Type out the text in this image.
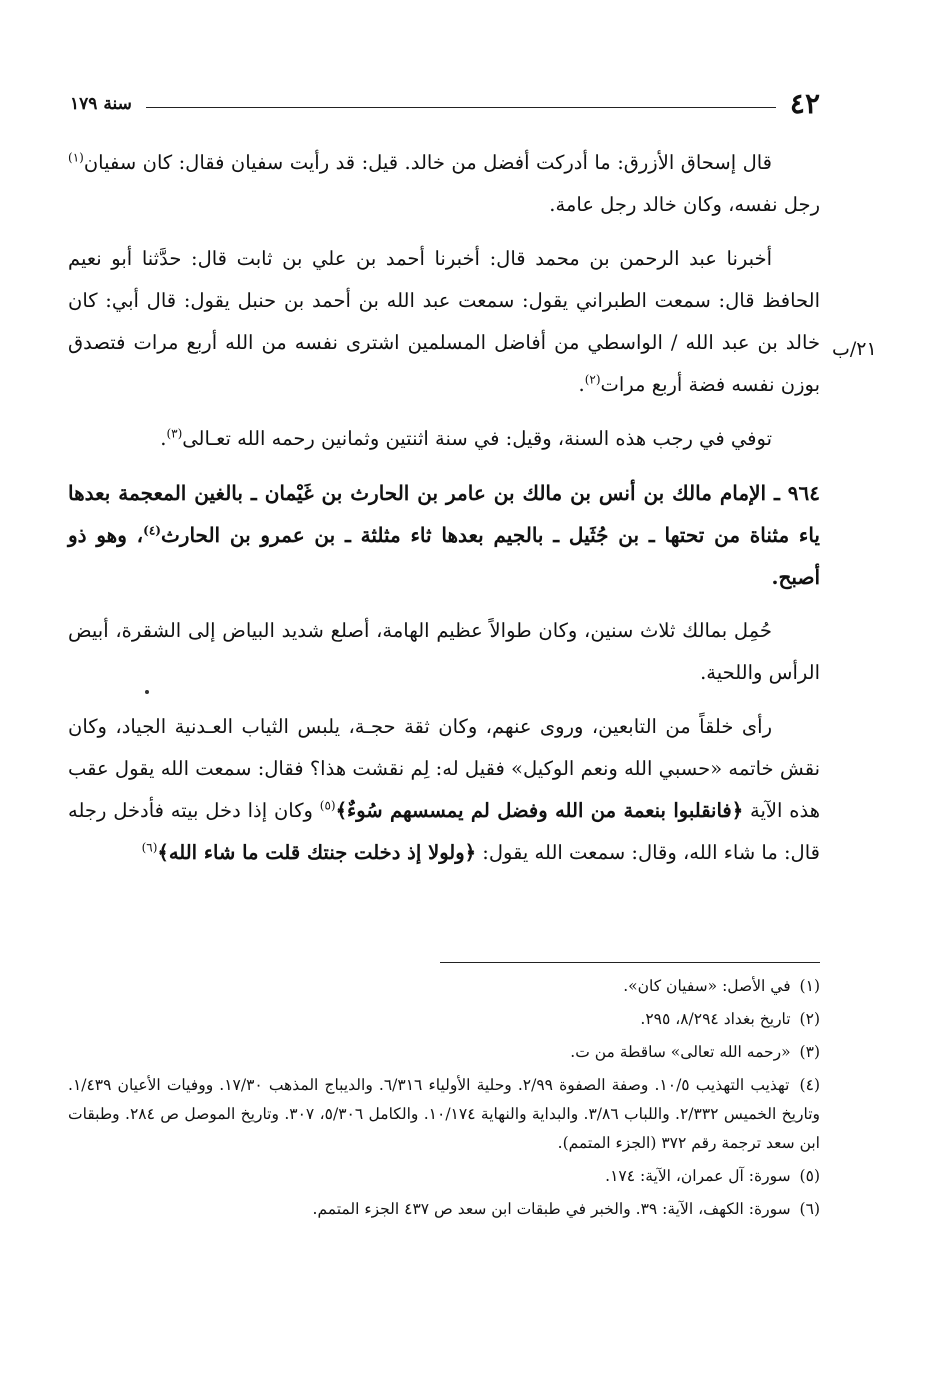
٤٢
سنة ١٧٩
٢١/ب

قال إسحاق الأزرق: ما أدركت أفضل من خالد. قيل: قد رأيت سفيان فقال: كان سفيان$^{(١)}$ رجل نفسه، وكان خالد رجل عامة.

أخبرنا عبد الرحمن بن محمد قال: أخبرنا أحمد بن علي بن ثابت قال: حدَّثنا أبو نعيم الحافظ قال: سمعت الطبراني يقول: سمعت عبد الله بن أحمد بن حنبل يقول: قال أبي: كان خالد بن عبد الله / الواسطي من أفاضل المسلمين اشترى نفسه من الله أربع مرات فتصدق بوزن نفسه فضة أربع مرات$^{(٢)}$.

توفي في رجب هذه السنة، وقيل: في سنة اثنتين وثمانين رحمه الله تعـالى$^{(٣)}$.

٩٦٤ ـ الإمام مالك بن أنس بن مالك بن عامر بن الحارث بن غَيْمان ـ بالغين المعجمة بعدها ياء مثناة من تحتها ـ بن جُثَيل ـ بالجيم بعدها ثاء مثلثة ـ بن عمرو بن الحارث$^{(٤)}$، وهو ذو أصبح.

حُمِل بمالك ثلاث سنين، وكان طوالاً عظيم الهامة، أصلع شديد البياض إلى الشقرة، أبيض الرأس واللحية.

رأى خلقاً من التابعين، وروى عنهم، وكان ثقة حجـة، يلبس الثياب العـدنية الجياد، وكان نقش خاتمه «حسبي الله ونعم الوكيل» فقيل له: لِم نقشت هذا؟ فقال: سمعت الله يقول عقب هذه الآية ﴿فانقلبوا بنعمة من الله وفضل لم يمسسهم سُوءٌ﴾$^{(٥)}$ وكان إذا دخل بيته فأدخل رجله قال: ما شاء الله، وقال: سمعت الله يقول: ﴿ولولا إذ دخلت جنتك قلت ما شاء الله﴾$^{(٦)}$

(١) في الأصل: «سفيان كان».

(٢) تاريخ بغداد ٨/٢٩٤، ٢٩٥.

(٣) «رحمه الله تعالى» ساقطة من ت.

(٤) تهذيب التهذيب ١٠/٥. وصفة الصفوة ٢/٩٩. وحلية الأولياء ٦/٣١٦. والديباج المذهب ١٧/٣٠. ووفيات الأعيان ١/٤٣٩. وتاريخ الخميس ٢/٣٣٢. واللباب ٣/٨٦. والبداية والنهاية ١٠/١٧٤. والكامل ٥/٣٠٦، ٣٠٧. وتاريخ الموصل ص ٢٨٤. وطبقات ابن سعد ترجمة رقم ٣٧٢ (الجزء المتمم).

(٥) سورة: آل عمران، الآية: ١٧٤.

(٦) سورة: الكهف، الآية: ٣٩. والخبر في طبقات ابن سعد ص ٤٣٧ الجزء المتمم.
